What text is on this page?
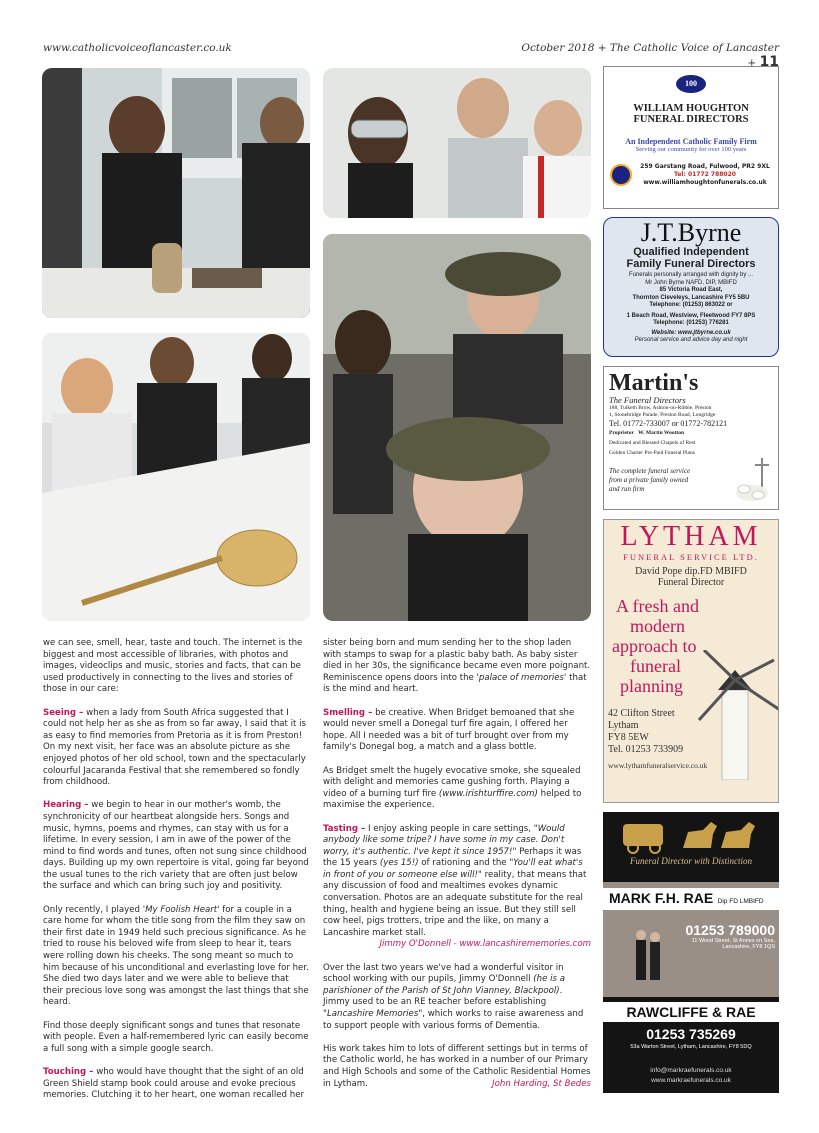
www.catholicvoiceoflancaster.co.uk	October 2018 + The Catholic Voice of Lancaster + 11

we can see, smell, hear, taste and touch. The internet is the biggest and most accessible of libraries, with photos and images, videoclips and music, stories and facts, that can be used productively in connecting to the lives and stories of those in our care:

Seeing – when a lady from South Africa suggested that I could not help her as she as from so far away, I said that it is as easy to find memories from Pretoria as it is from Preston! On my next visit, her face was an absolute picture as she enjoyed photos of her old school, town and the spectacularly colourful Jacaranda Festival that she remembered so fondly from childhood.

Hearing – we begin to hear in our mother's womb, the synchronicity of our heartbeat alongside hers. Songs and music, hymns, poems and rhymes, can stay with us for a lifetime. In every session, I am in awe of the power of the mind to find words and tunes, often not sung since childhood days. Building up my own repertoire is vital, going far beyond the usual tunes to the rich variety that are often just below the surface and which can bring such joy and positivity.

Only recently, I played 'My Foolish Heart' for a couple in a care home for whom the title song from the film they saw on their first date in 1949 held such precious significance. As he tried to rouse his beloved wife from sleep to hear it, tears were rolling down his cheeks. The song meant so much to him because of his unconditional and everlasting love for her. She died two days later and we were able to believe that their precious love song was amongst the last things that she heard.

Find those deeply significant songs and tunes that resonate with people. Even a half-remembered lyric can easily become a full song with a simple google search.

Touching – who would have thought that the sight of an old Green Shield stamp book could arouse and evoke precious memories. Clutching it to her heart, one woman recalled her

sister being born and mum sending her to the shop laden with stamps to swap for a plastic baby bath. As baby sister died in her 30s, the significance became even more poignant. Reminiscence opens doors into the 'palace of memories' that is the mind and heart.

Smelling – be creative. When Bridget bemoaned that she would never smell a Donegal turf fire again, I offered her hope. All I needed was a bit of turf brought over from my family's Donegal bog, a match and a glass bottle.

As Bridget smelt the hugely evocative smoke, she squealed with delight and memories came gushing forth. Playing a video of a burning turf fire (www.irishturffire.com) helped to maximise the experience.

Tasting – I enjoy asking people in care settings, "Would anybody like some tripe? I have some in my case. Don't worry, it's authentic. I've kept it since 1957!" Perhaps it was the 15 years (yes 15!) of rationing and the "You'll eat what's in front of you or someone else will!" reality, that means that any discussion of food and mealtimes evokes dynamic conversation. Photos are an adequate substitute for the real thing, health and hygiene being an issue. But they still sell cow heel, pigs trotters, tripe and the like, on many a Lancashire market stall.
Jimmy O'Donnell - www.lancashirememories.com

Over the last two years we've had a wonderful visitor in school working with our pupils, Jimmy O'Donnell (he is a parishioner of the Parish of St John Vianney, Blackpool). Jimmy used to be an RE teacher before establishing "Lancashire Memories", which works to raise awareness and to support people with various forms of Dementia.

His work takes him to lots of different settings but in terms of the Catholic world, he has worked in a number of our Primary and High Schools and some of the Catholic Residential Homes in Lytham.	John Harding, St Bedes

100
WILLIAM HOUGHTON
FUNERAL DIRECTORS
An Independent Catholic Family Firm
Serving our community for over 100 years
259 Garstang Road, Fulwood, PR2 9XL
Tel: 01772 788020
www.williamhoughtonfunerals.co.uk
J.T.Byrne
Qualified Independent
Family Funeral Directors
Funerals personally arranged with dignity by ...
Mr John Byrne NAFD, DIP, MBIFD
85 Victoria Road East,
Thornton Cleveleys, Lancashire FY5 5BU
Telephone: (01253) 863022 or
1 Beach Road, Westview, Fleetwood FY7 8PS
Telephone: (01253) 776281
Website: www.jtbyrne.co.uk
Personal service and advice day and night
Martin's
The Funeral Directors
188, Tulketh Brow, Ashton-on-Ribble, Preston
1, Stonebridge Parade, Preston Road, Longridge
Tel. 01772-733007 or 01772-782121
Proprietor W. Martin Wootton
Dedicated and Blessed Chapels of Rest
Golden Charter Pre-Paid Funeral Plans
The complete funeral service
from a private family owned
and run firm
LYTHAM
FUNERAL SERVICE LTD.
David Pope dip.FD MBIFD
Funeral Director
A fresh and
modern
approach to
funeral
planning
42 Clifton Street
Lytham
FY8 5EW
Tel. 01253 733909
www.lythamfuneralservice.co.uk
Funeral Director with Distinction
MARK F.H. RAE Dip FD LMBIFD
01253 789000
11 Wood Street, St Annes on Sea,
Lancashire, FY8 1QS
RAWCLIFFE & RAE
01253 735269
53a Warton Street, Lytham, Lancashire, FY8 5DQ
info@markraefunerals.co.uk
www.markraefunerals.co.uk
